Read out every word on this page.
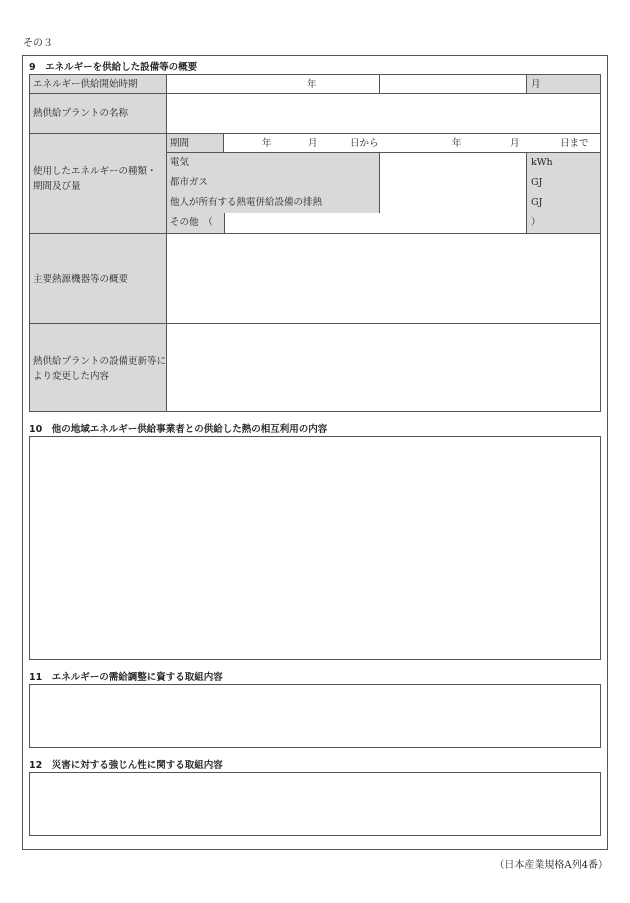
その３
9　エネルギーを供給した設備等の概要
エネルギー供給開始時期	年	月
熱供給プラントの名称
使用したエネルギーの種類・期間及び量
期間	年	月	日から	年	月	日まで
電気	kWh
都市ガス	GJ
他人が所有する熱電併給設備の排熱	GJ
その他　（	）
主要熱源機器等の概要
熱供給プラントの設備更新等により変更した内容
10　他の地域エネルギー供給事業者との供給した熱の相互利用の内容
11　エネルギーの需給調整に資する取組内容
12　災害に対する強じん性に関する取組内容
（日本産業規格A列4番）
